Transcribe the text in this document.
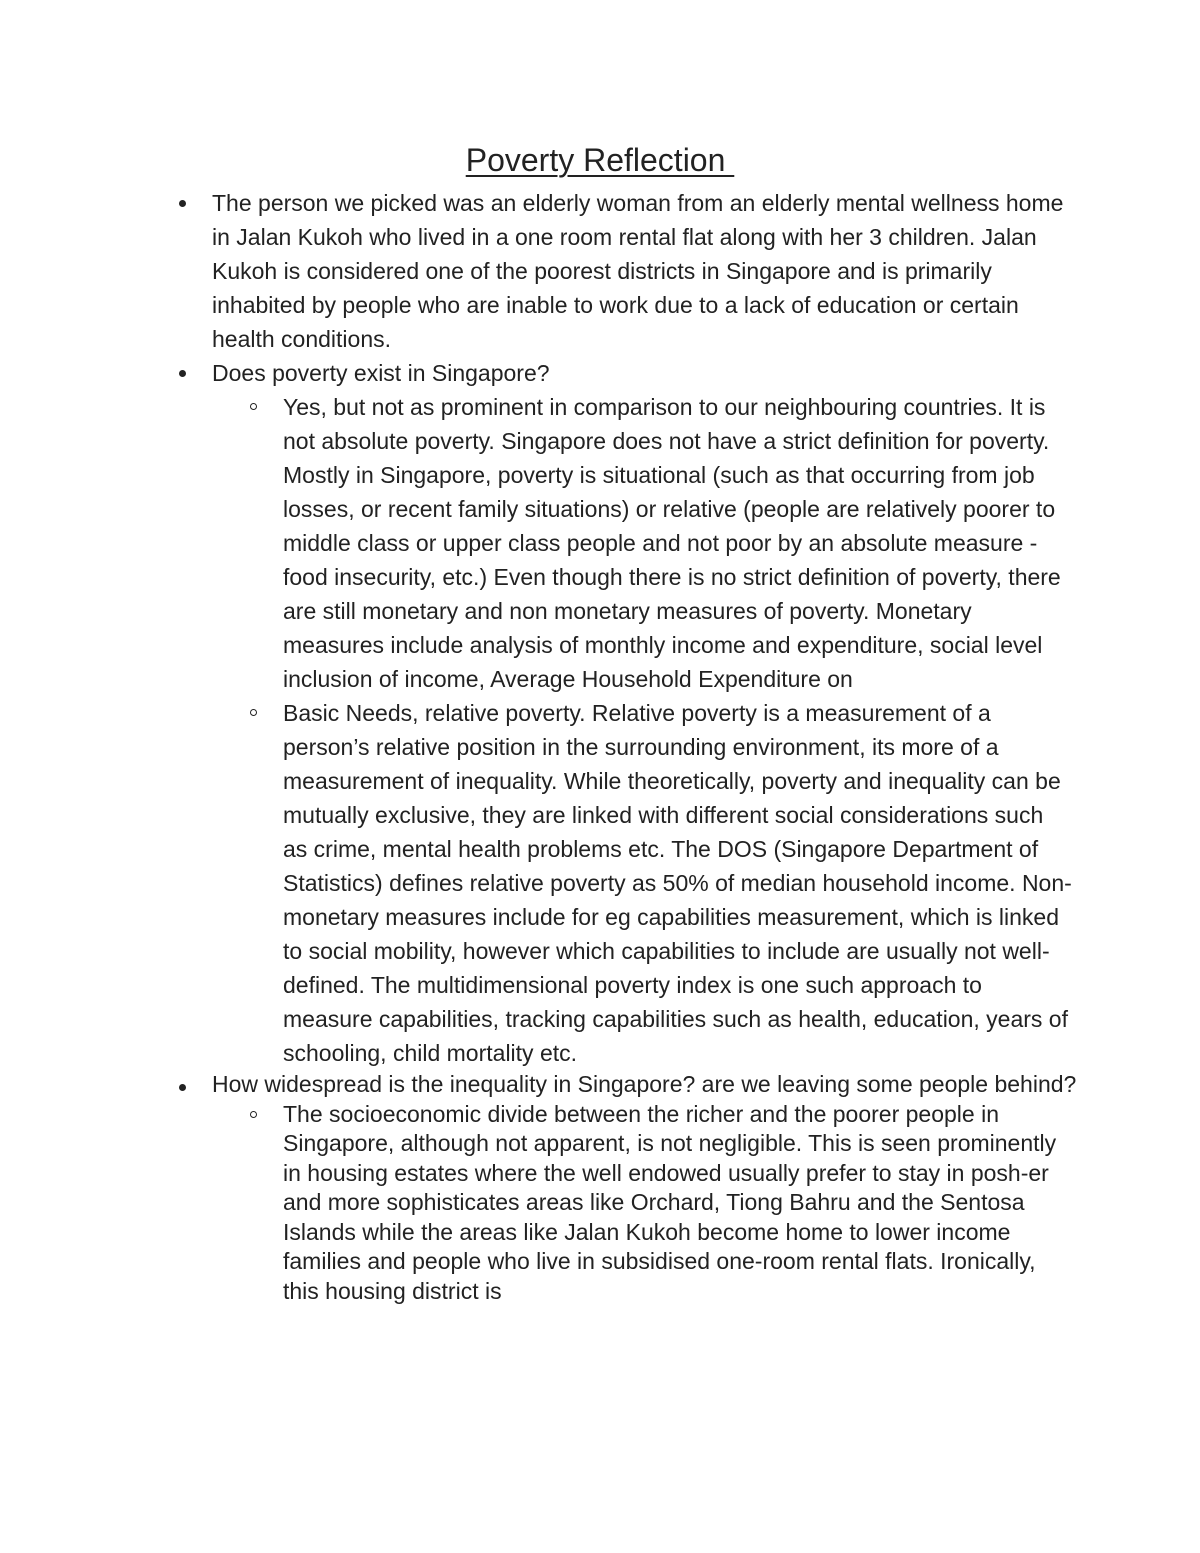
Poverty Reflection
The person we picked was an elderly woman from an elderly mental wellness home in Jalan Kukoh who lived in a one room rental flat along with her 3 children. Jalan Kukoh is considered one of the poorest districts in Singapore and is primarily inhabited by people who are inable to work due to a lack of education or certain health conditions.
Does poverty exist in Singapore?
Yes, but not as prominent in comparison to our neighbouring countries. It is not absolute poverty. Singapore does not have a strict definition for poverty. Mostly in Singapore, poverty is situational (such as that occurring from job losses, or recent family situations) or relative (people are relatively poorer to middle class or upper class people and not poor by an absolute measure - food insecurity, etc.) Even though there is no strict definition of poverty, there are still monetary and non monetary measures of poverty. Monetary measures include analysis of monthly income and expenditure, social level inclusion of income, Average Household Expenditure on
Basic Needs, relative poverty. Relative poverty is a measurement of a person’s relative position in the surrounding environment, its more of a measurement of inequality. While theoretically, poverty and inequality can be mutually exclusive, they are linked with different social considerations such as crime, mental health problems etc. The DOS (Singapore Department of Statistics) defines relative poverty as 50% of median household income. Non-monetary measures include for eg capabilities measurement, which is linked to social mobility, however which capabilities to include are usually not well-defined. The multidimensional poverty index is one such approach to measure capabilities, tracking capabilities such as health, education, years of schooling, child mortality etc.
How widespread is the inequality in Singapore? are we leaving some people behind?
The socioeconomic divide between the richer and the poorer people in Singapore, although not apparent, is not negligible. This is seen prominently in housing estates where the well endowed usually prefer to stay in posh-er and more sophisticates areas like Orchard, Tiong Bahru and the Sentosa Islands while the areas like Jalan Kukoh become home to lower income families and people who live in subsidised one-room rental flats. Ironically, this housing district is
